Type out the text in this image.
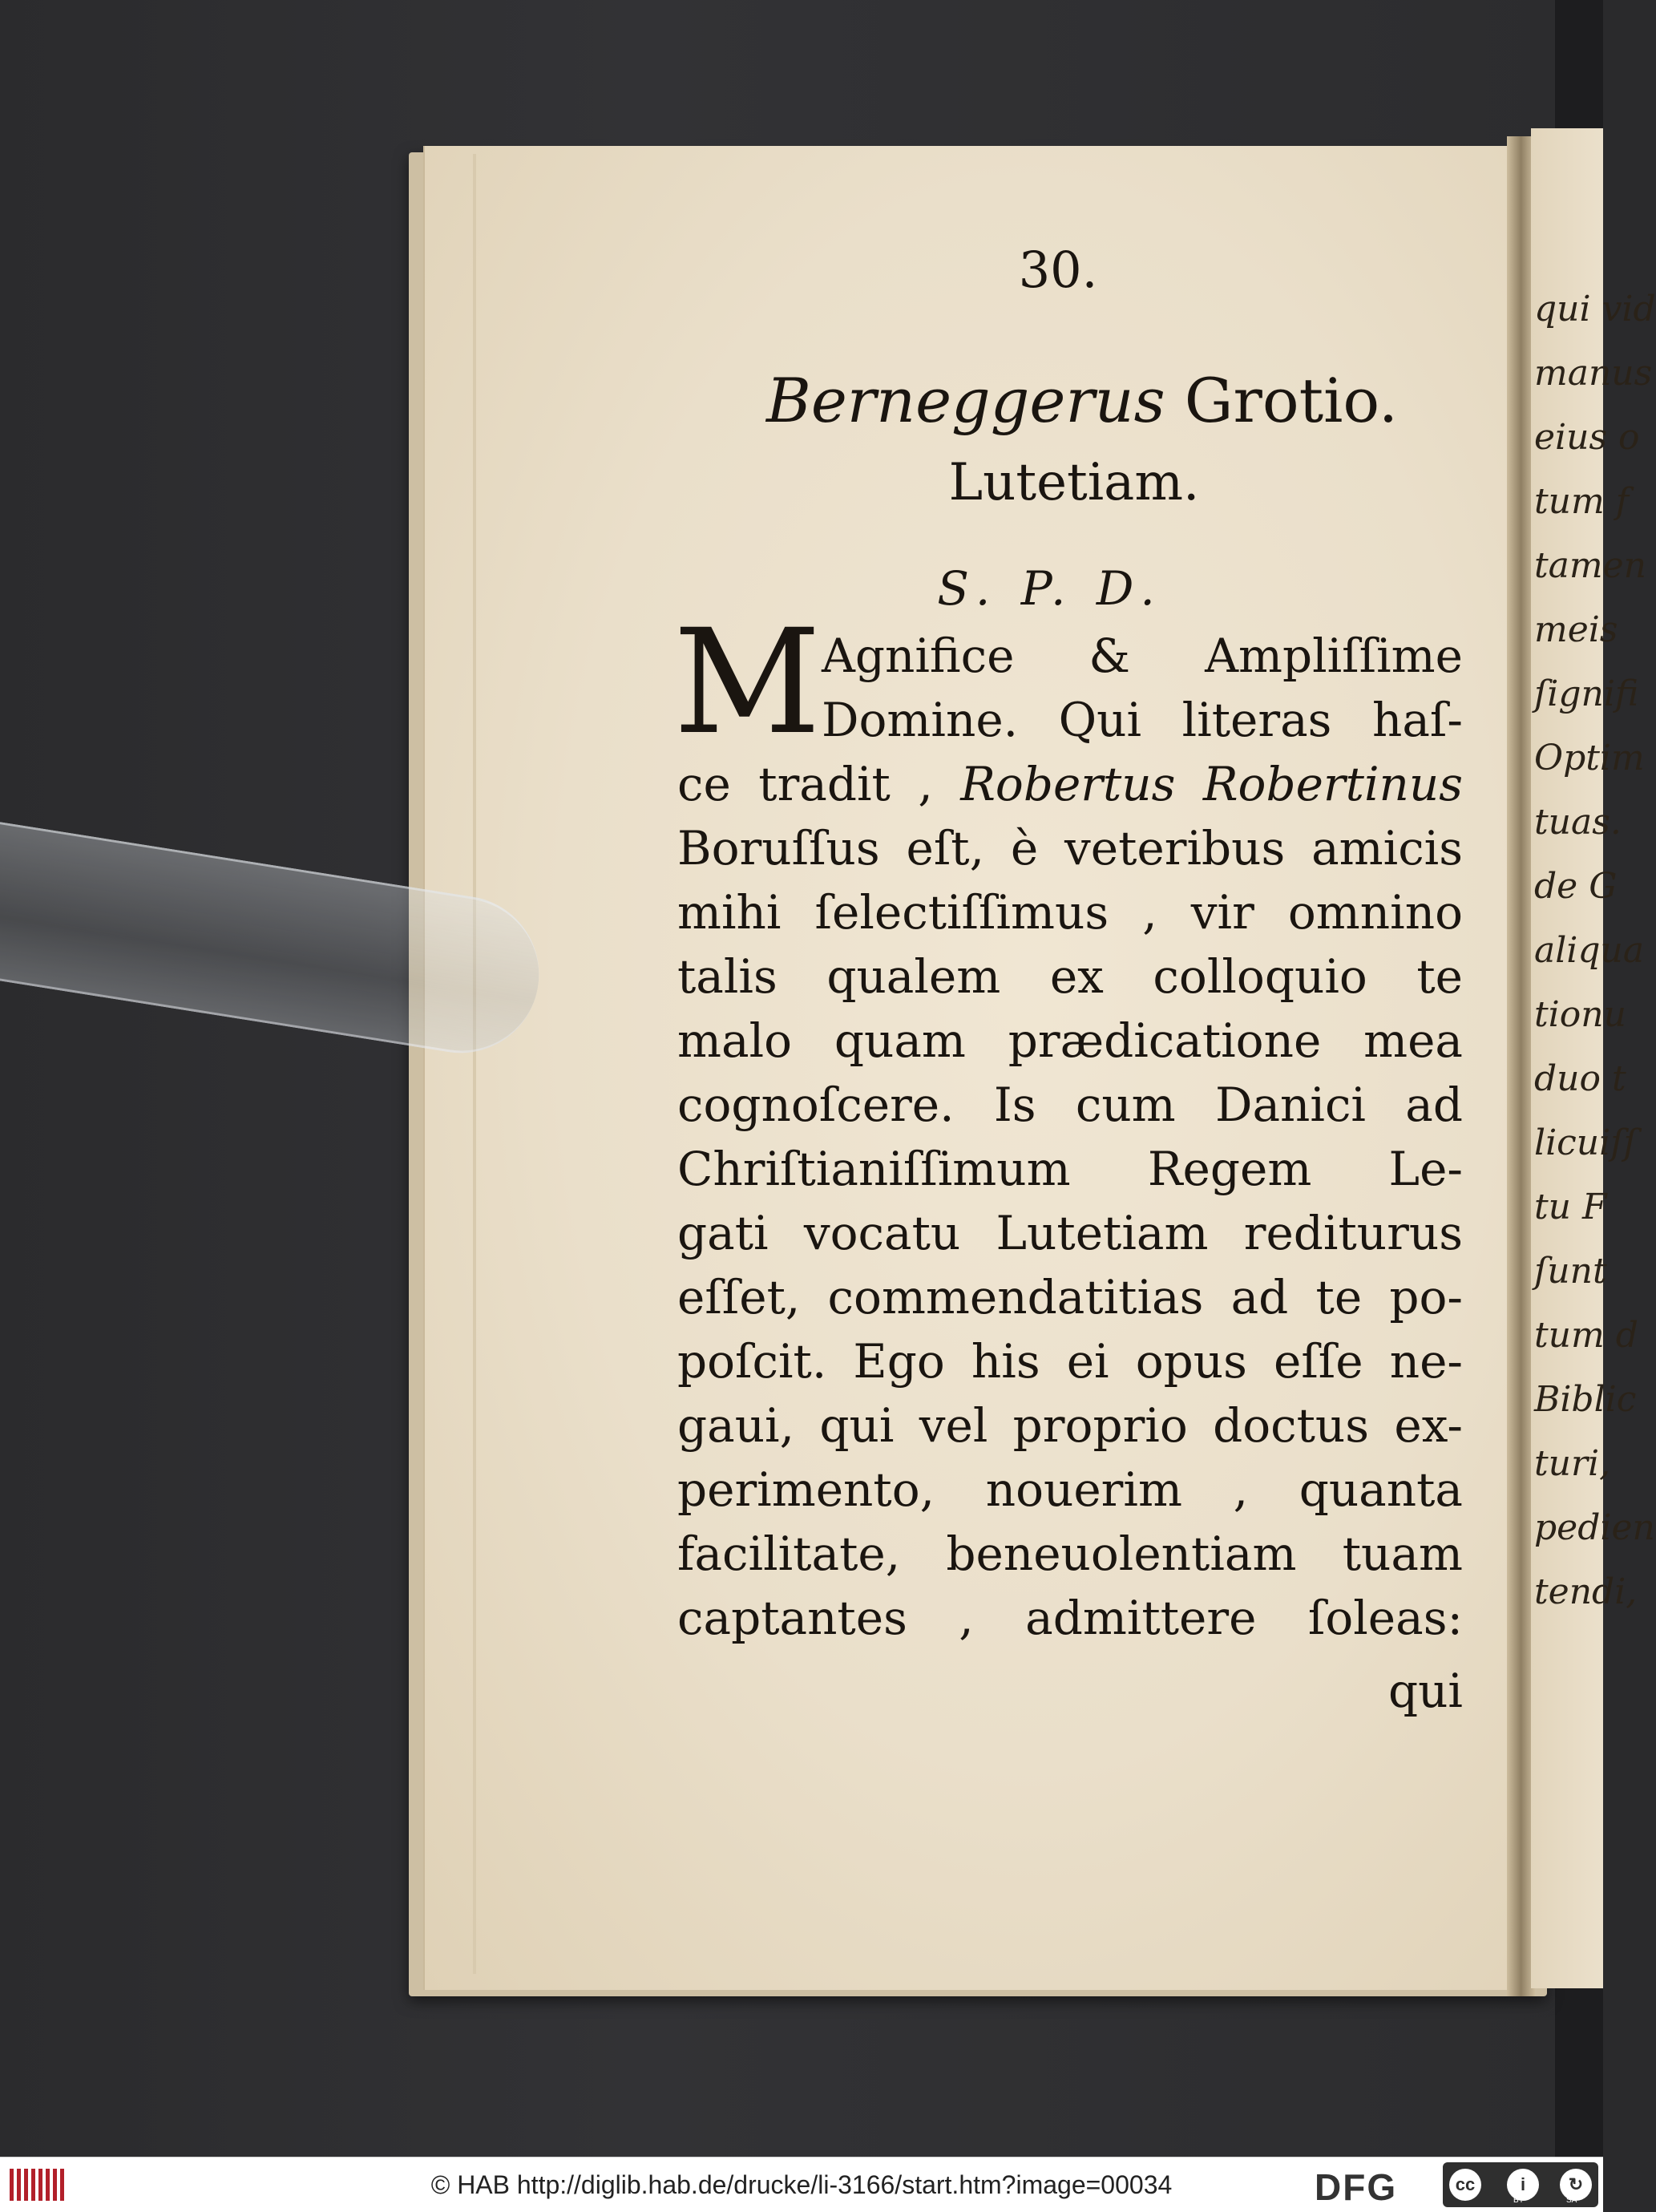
qui vid
manus
eius o
tum f
tamen
meis
ſignifi
Optim
tuas.
de G
aliqua
tionu
duo t
licuiſſ
tu F
ſunt
tum d
Biblic
turi,
pedien
tendi,
30.
Berneggerus Grotio.
Lutetiam.
S. P. D.
M Agnifice & Ampliſſime
Domine. Qui literas haſ-
ce tradit , Robertus Robertinus
Boruſſus eſt, è veteribus amicis
mihi ſelectiſſimus , vir omnino
talis qualem ex colloquio te
malo quam prædicatione mea
cognoſcere. Is cum Danici ad
Chriſtianiſſimum Regem Le-
gati vocatu Lutetiam rediturus
eſſet, commendatitias ad te po-
poſcit. Ego his ei opus eſſe ne-
gaui, qui vel proprio doctus ex-
perimento, nouerim , quanta
facilitate, beneuolentiam tuam
captantes , admittere ſoleas:
qui
© HAB http://diglib.hab.de/drucke/li-3166/start.htm?image=00034	DFG	cc	i	↻
BY	SA
